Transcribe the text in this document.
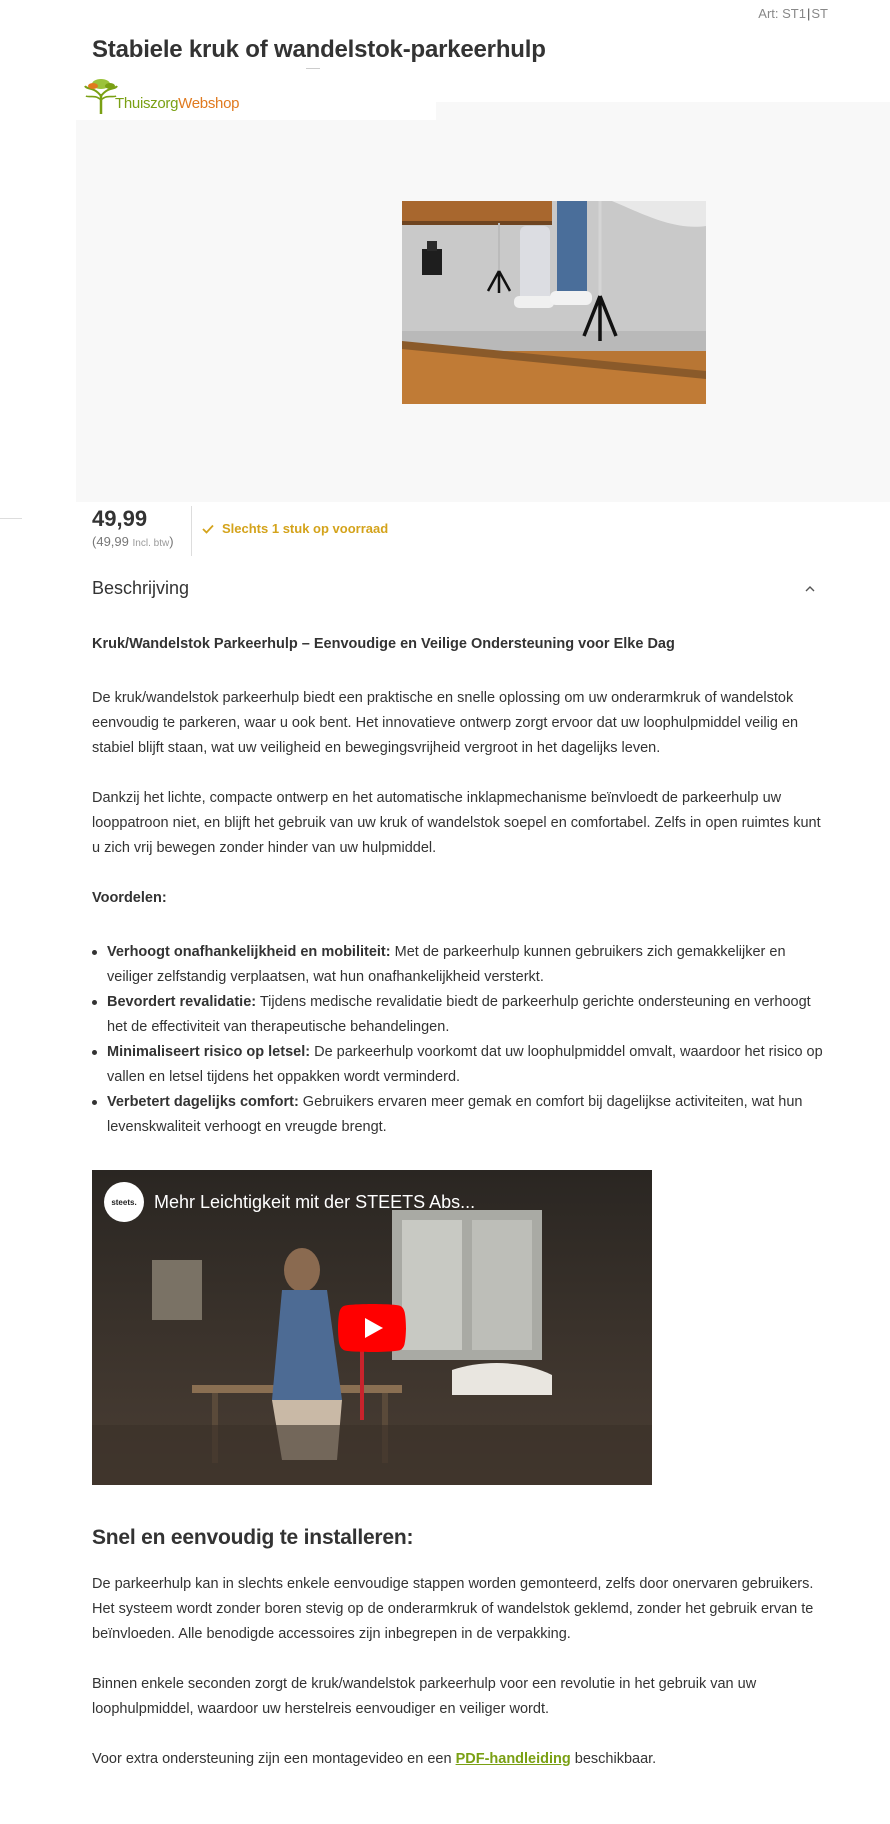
Art: ST1|ST
Stabiele kruk of wandelstok-parkeerhulp
ThuiszorgWebshop
49,99
(49,99 Incl. btw)
Slechts 1 stuk op voorraad
Beschrijving

Kruk/Wandelstok Parkeerhulp – Eenvoudige en Veilige Ondersteuning voor Elke Dag

De kruk/wandelstok parkeerhulp biedt een praktische en snelle oplossing om uw onderarmkruk of wandelstok eenvoudig te parkeren, waar u ook bent. Het innovatieve ontwerp zorgt ervoor dat uw loophulpmiddel veilig en stabiel blijft staan, wat uw veiligheid en bewegingsvrijheid vergroot in het dagelijks leven.

Dankzij het lichte, compacte ontwerp en het automatische inklapmechanisme beïnvloedt de parkeerhulp uw looppatroon niet, en blijft het gebruik van uw kruk of wandelstok soepel en comfortabel. Zelfs in open ruimtes kunt u zich vrij bewegen zonder hinder van uw hulpmiddel.

Voordelen:

Verhoogt onafhankelijkheid en mobiliteit: Met de parkeerhulp kunnen gebruikers zich gemakkelijker en veiliger zelfstandig verplaatsen, wat hun onafhankelijkheid versterkt.
Bevordert revalidatie: Tijdens medische revalidatie biedt de parkeerhulp gerichte ondersteuning en verhoogt het de effectiviteit van therapeutische behandelingen.
Minimaliseert risico op letsel: De parkeerhulp voorkomt dat uw loophulpmiddel omvalt, waardoor het risico op vallen en letsel tijdens het oppakken wordt verminderd.
Verbetert dagelijks comfort: Gebruikers ervaren meer gemak en comfort bij dagelijkse activiteiten, wat hun levenskwaliteit verhoogt en vreugde brengt.
steets. Mehr Leichtigkeit mit der STEETS Abs...
Snel en eenvoudig te installeren:

De parkeerhulp kan in slechts enkele eenvoudige stappen worden gemonteerd, zelfs door onervaren gebruikers. Het systeem wordt zonder boren stevig op de onderarmkruk of wandelstok geklemd, zonder het gebruik ervan te beïnvloeden. Alle benodigde accessoires zijn inbegrepen in de verpakking.

Binnen enkele seconden zorgt de kruk/wandelstok parkeerhulp voor een revolutie in het gebruik van uw loophulpmiddel, waardoor uw herstelreis eenvoudiger en veiliger wordt.

Voor extra ondersteuning zijn een montagevideo en een PDF-handleiding beschikbaar.
